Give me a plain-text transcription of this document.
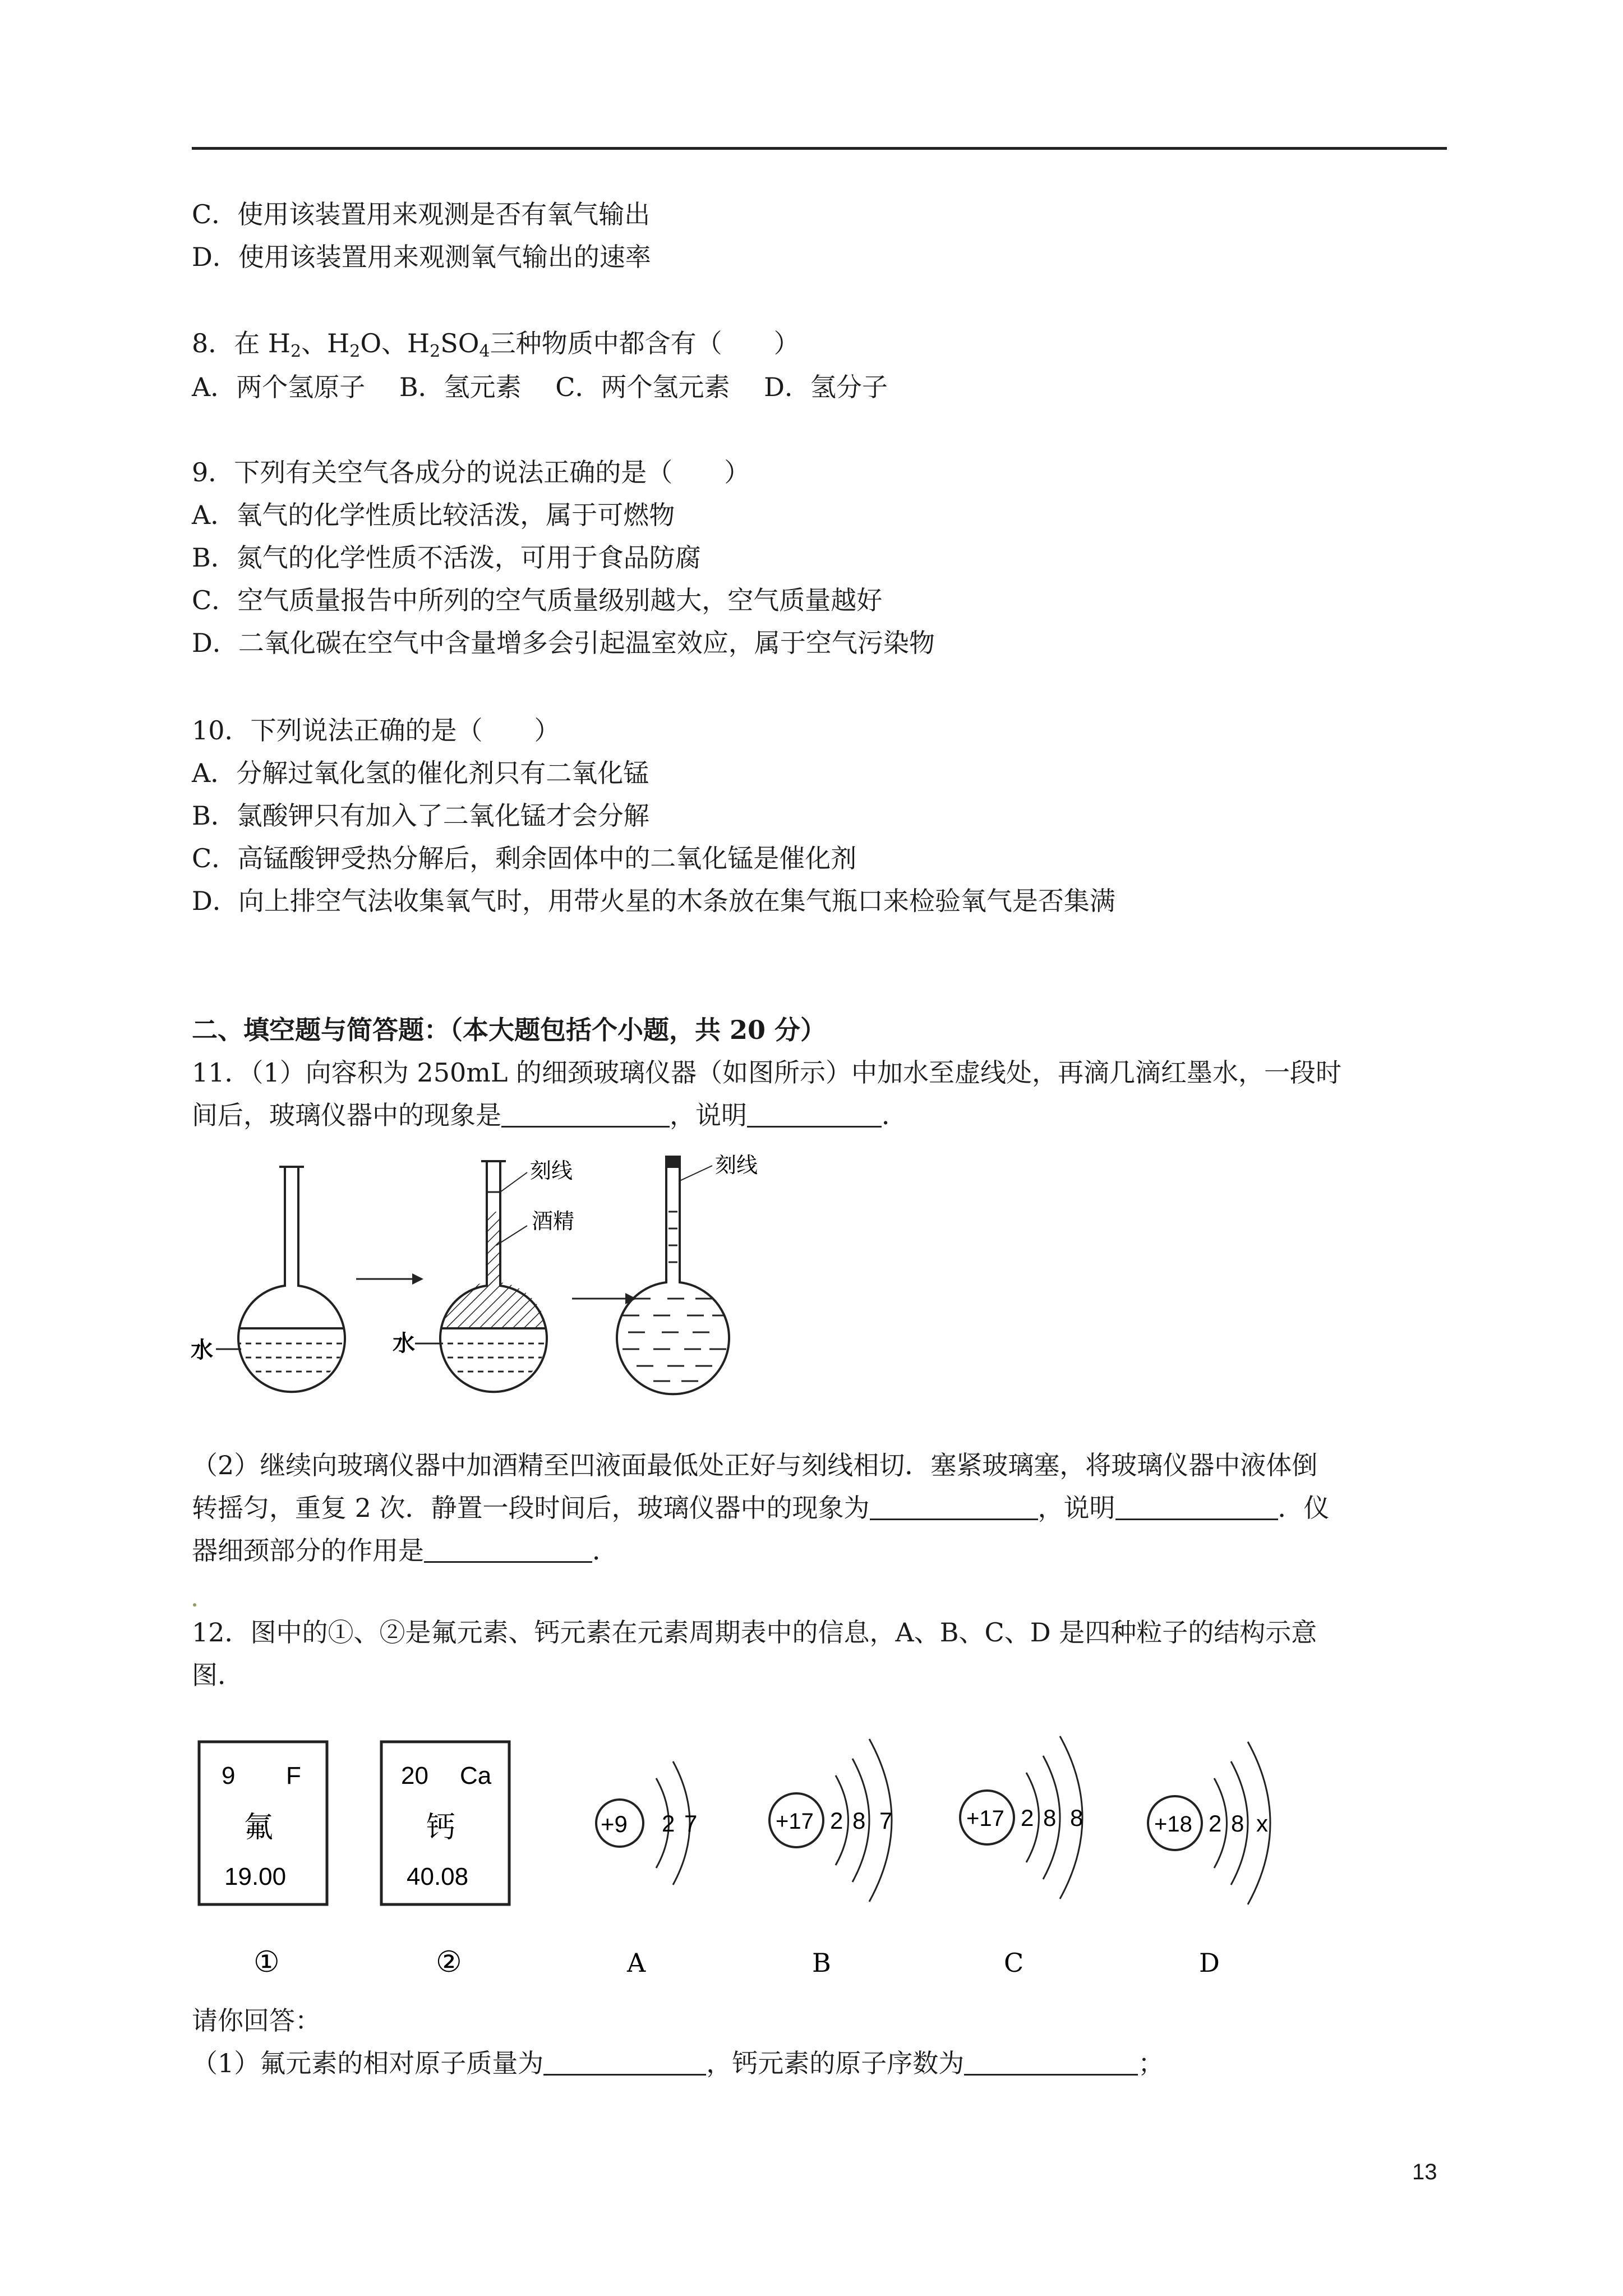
C．使用该装置用来观测是否有氧气输出
D．使用该装置用来观测氧气输出的速率
8．在 $H_2$、$H_2O$、$H_2SO_4$三种物质中都含有（　　）
A．两个氢原子　 B．氢元素　 C．两个氢元素　 D．氢分子
9．下列有关空气各成分的说法正确的是（　　）
A．氧气的化学性质比较活泼，属于可燃物
B．氮气的化学性质不活泼，可用于食品防腐
C．空气质量报告中所列的空气质量级别越大，空气质量越好
D．二氧化碳在空气中含量增多会引起温室效应，属于空气污染物
10．下列说法正确的是（　　）
A．分解过氧化氢的催化剂只有二氧化锰
B．氯酸钾只有加入了二氧化锰才会分解
C．高锰酸钾受热分解后，剩余固体中的二氧化锰是催化剂
D．向上排空气法收集氧气时，用带火星的木条放在集气瓶口来检验氧气是否集满
二、填空题与简答题：（本大题包括个小题，共 20 分）
11．（1）向容积为 250mL 的细颈玻璃仪器（如图所示）中加水至虚线处，再滴几滴红墨水，一段时
间后，玻璃仪器中的现象是	，说明	．
水
刻线
酒精
水
刻线
（2）继续向玻璃仪器中加酒精至凹液面最低处正好与刻线相切．塞紧玻璃塞，将玻璃仪器中液体倒
转摇匀，重复 2 次．静置一段时间后，玻璃仪器中的现象为	，说明	．仪
器细颈部分的作用是	．
12．图中的①、②是氟元素、钙元素在元素周期表中的信息，A、B、C、D 是四种粒子的结构示意
图．
9 F
氟
19.00
①
20 Ca
钙
40.08
②
+9 2 7
A
+17 2 8 7
B
+17 2 8 8
C
+18 2 8 x
D
请你回答：
（1）氟元素的相对原子质量为	，钙元素的原子序数为	；
13
